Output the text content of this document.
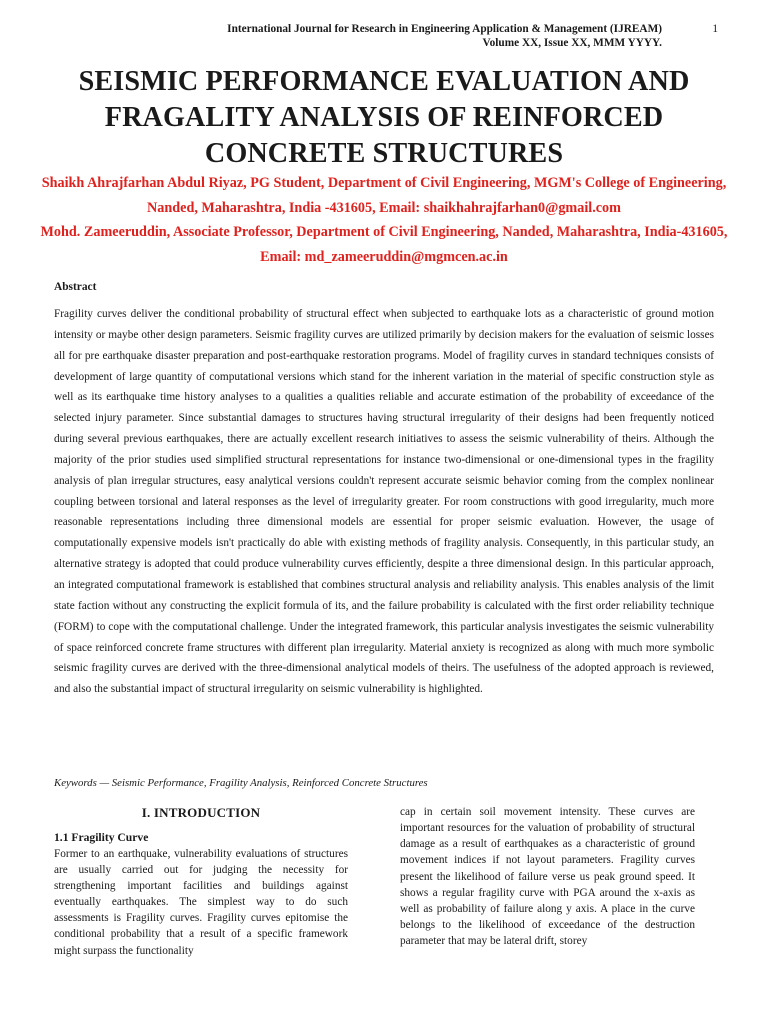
International Journal for Research in Engineering Application & Management (IJREAM)
Volume XX, Issue XX, MMM YYYY.
1
SEISMIC PERFORMANCE EVALUATION AND FRAGALITY ANALYSIS OF REINFORCED CONCRETE STRUCTURES
Shaikh Ahrajfarhan Abdul Riyaz, PG Student, Department of Civil Engineering, MGM's College of Engineering, Nanded, Maharashtra, India -431605, Email: shaikhahrajfarhan0@gmail.com
Mohd. Zameeruddin, Associate Professor, Department of Civil Engineering, Nanded, Maharashtra, India-431605, Email: md_zameeruddin@mgmcen.ac.in
Abstract

Fragility curves deliver the conditional probability of structural effect when subjected to earthquake lots as a characteristic of ground motion intensity or maybe other design parameters. Seismic fragility curves are utilized primarily by decision makers for the evaluation of seismic losses all for pre earthquake disaster preparation and post-earthquake restoration programs. Model of fragility curves in standard techniques consists of development of large quantity of computational versions which stand for the inherent variation in the material of specific construction style as well as its earthquake time history analyses to a qualities a qualities reliable and accurate estimation of the probability of exceedance of the selected injury parameter. Since substantial damages to structures having structural irregularity of their designs had been frequently noticed during several previous earthquakes, there are actually excellent research initiatives to assess the seismic vulnerability of theirs. Although the majority of the prior studies used simplified structural representations for instance two-dimensional or one-dimensional types in the fragility analysis of plan irregular structures, easy analytical versions couldn't represent accurate seismic behavior coming from the complex nonlinear coupling between torsional and lateral responses as the level of irregularity greater. For room constructions with good irregularity, much more reasonable representations including three dimensional models are essential for proper seismic evaluation. However, the usage of computationally expensive models isn't practically do able with existing methods of fragility analysis. Consequently, in this particular study, an alternative strategy is adopted that could produce vulnerability curves efficiently, despite a three dimensional design. In this particular approach, an integrated computational framework is established that combines structural analysis and reliability analysis. This enables analysis of the limit state faction without any constructing the explicit formula of its, and the failure probability is calculated with the first order reliability technique (FORM) to cope with the computational challenge. Under the integrated framework, this particular analysis investigates the seismic vulnerability of space reinforced concrete frame structures with different plan irregularity. Material anxiety is recognized as along with much more symbolic seismic fragility curves are derived with the three-dimensional analytical models of theirs. The usefulness of the adopted approach is reviewed, and also the substantial impact of structural irregularity on seismic vulnerability is highlighted.

Keywords — Seismic Performance, Fragility Analysis, Reinforced Concrete Structures
I. INTRODUCTION
1.1 Fragility Curve

Former to an earthquake, vulnerability evaluations of structures are usually carried out for judging the necessity for strengthening important facilities and buildings against eventually earthquakes. The simplest way to do such assessments is Fragility curves. Fragility curves epitomise the conditional probability that a result of a specific framework might surpass the functionality

cap in certain soil movement intensity. These curves are important resources for the valuation of probability of structural damage as a result of earthquakes as a characteristic of ground movement indices if not layout parameters. Fragility curves present the likelihood of failure verse us peak ground speed. It shows a regular fragility curve with PGA around the x-axis as well as probability of failure along y axis. A place in the curve belongs to the likelihood of exceedance of the destruction parameter that may be lateral drift, storey
